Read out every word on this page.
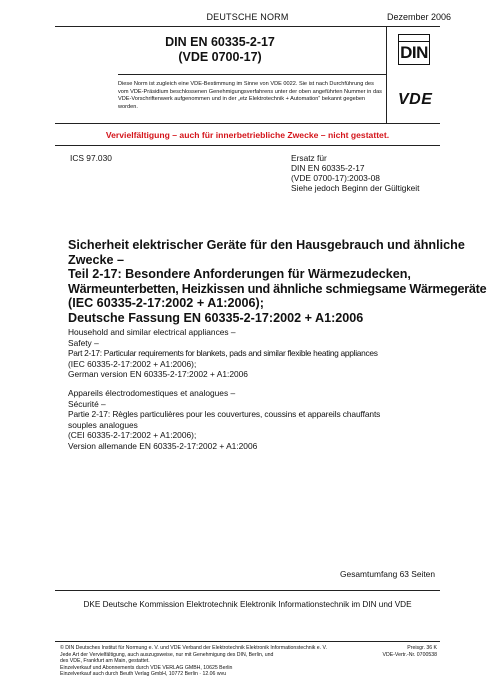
DEUTSCHE NORM	Dezember 2006
DIN EN 60335-2-17
(VDE 0700-17)	DIN
Diese Norm ist zugleich eine VDE-Bestimmung im Sinne von VDE 0022. Sie ist nach Durchführung des vom VDE-Präsidium beschlossenen Genehmigungsverfahrens unter der oben angeführten Nummer in das VDE-Vorschriftenwerk aufgenommen und in der „etz Elektrotechnik + Automation“ bekannt gegeben worden.	VDE
Vervielfältigung – auch für innerbetriebliche Zwecke – nicht gestattet.
ICS 97.030	Ersatz für
DIN EN 60335-2-17
(VDE 0700-17):2003-08
Siehe jedoch Beginn der Gültigkeit
Sicherheit elektrischer Geräte für den Hausgebrauch und ähnliche
Zwecke –
Teil 2-17: Besondere Anforderungen für Wärmezudecken,
Wärmeunterbetten, Heizkissen und ähnliche schmiegsame Wärmegeräte
(IEC 60335-2-17:2002 + A1:2006);
Deutsche Fassung EN 60335-2-17:2002 + A1:2006
Household and similar electrical appliances –
Safety –
Part 2-17: Particular requirements for blankets, pads and similar flexible heating appliances
(IEC 60335-2-17:2002 + A1:2006);
German version EN 60335-2-17:2002 + A1:2006
Appareils électrodomestiques et analogues –
Sécurité –
Partie 2-17: Règles particulières pour les couvertures, coussins et appareils chauffants
souples analogues
(CEI 60335-2-17:2002 + A1:2006);
Version allemande EN 60335-2-17:2002 + A1:2006
Gesamtumfang 63 Seiten
DKE Deutsche Kommission Elektrotechnik Elektronik Informationstechnik im DIN und VDE
© DIN Deutsches Institut für Normung e. V. und VDE Verband der Elektrotechnik Elektronik Informationstechnik e. V.
Jede Art der Vervielfältigung, auch auszugsweise, nur mit Genehmigung des DIN, Berlin, und
des VDE, Frankfurt am Main, gestattet.
Einzelverkauf und Abonnements durch VDE VERLAG GMBH, 10625 Berlin
Einzelverkauf auch durch Beuth Verlag GmbH, 10772 Berlin · 12.06 wvu
Preisgr. 36 K
VDE-Vertr.-Nr. 0700538
